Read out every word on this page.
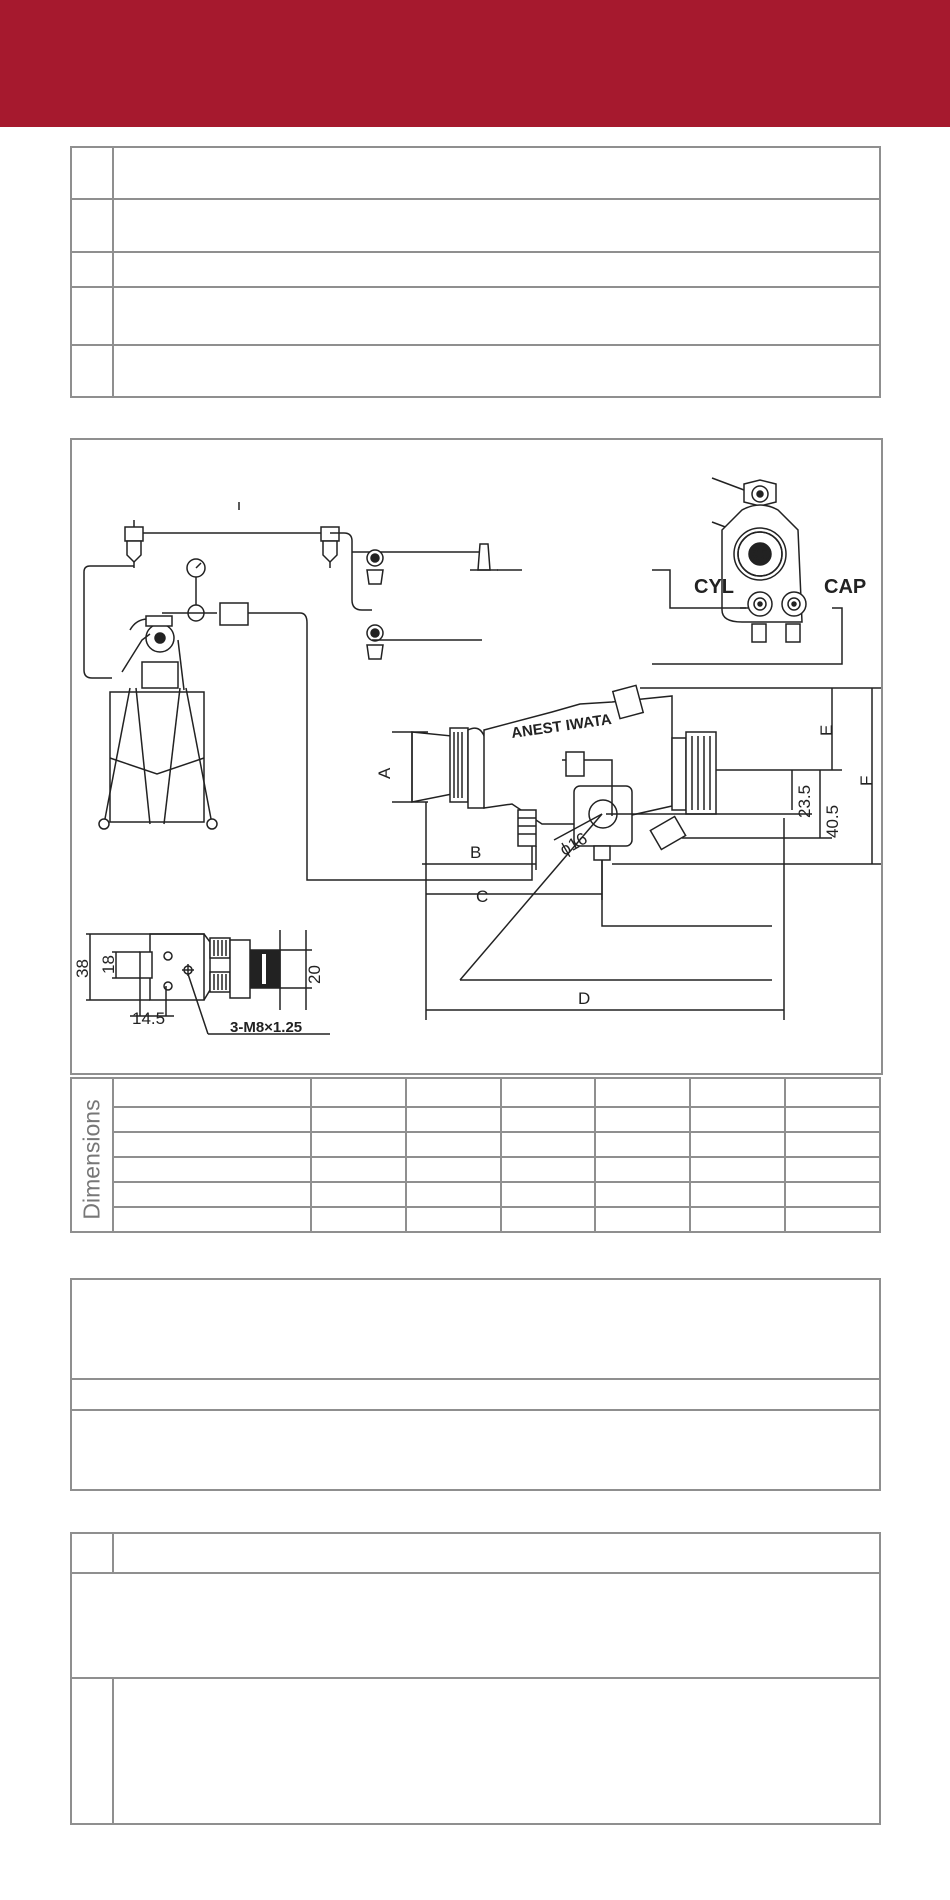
CYL	CAP
ANEST IWATA
A
B
C
D
E
F
23.5
40.5
ϕ16
38 18
14.5
20
3-M8×1.25
Dimensions							
